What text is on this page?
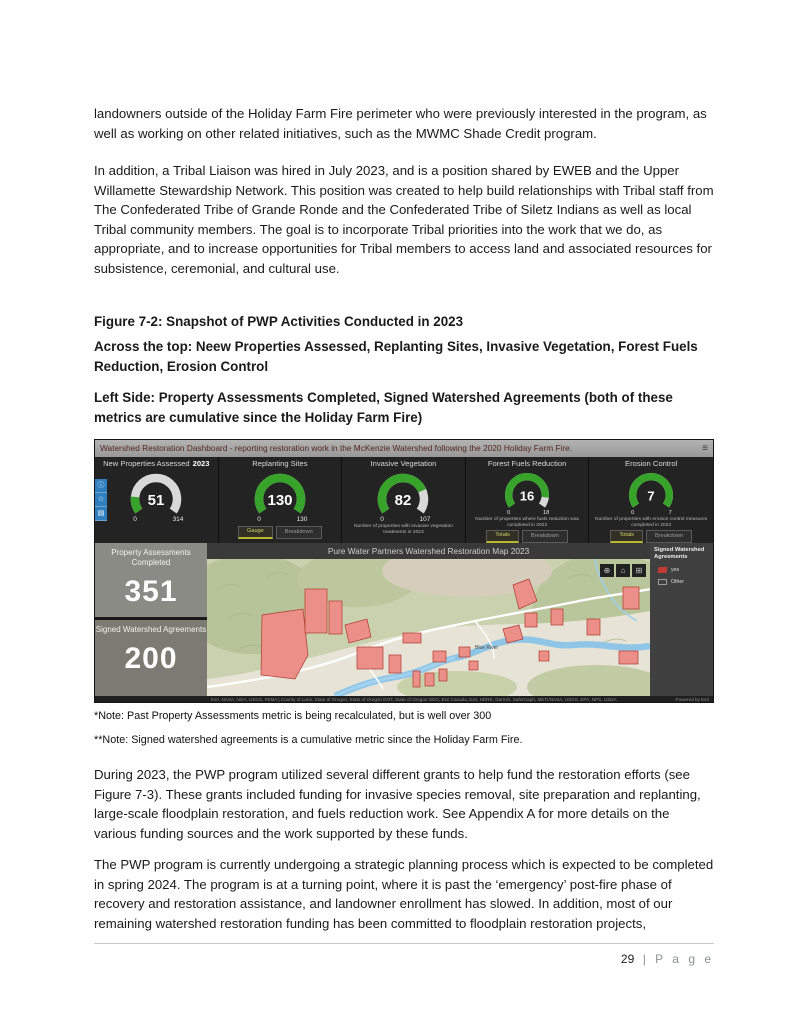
landowners outside of the Holiday Farm Fire perimeter who were previously interested in the program, as well as working on other related initiatives, such as the MWMC Shade Credit program.

In addition, a Tribal Liaison was hired in July 2023, and is a position shared by EWEB and the Upper Willamette Stewardship Network. This position was created to help build relationships with Tribal staff from The Confederated Tribe of Grande Ronde and the Confederated Tribe of Siletz Indians as well as local Tribal community members. The goal is to incorporate Tribal priorities into the work that we do, as appropriate, and to increase opportunities for Tribal members to access land and associated resources for subsistence, ceremonial, and cultural use.

Figure 7-2: Snapshot of PWP Activities Conducted in 2023

Across the top: Neew Properties Assessed, Replanting Sites, Invasive Vegetation, Forest Fuels Reduction, Erosion Control

Left Side: Property Assessments Completed, Signed Watershed Agreements (both of these metrics are cumulative since the Holiday Farm Fire)

Watershed Restoration Dashboard - reporting restoration work in the McKenzie Watershed following the 2020 Holiday Farm Fire.	≡
ⓘ
☆
▤
New Properties Assessed 2023
51
0	314
Replanting Sites
130
0	130
Gauge	Breakdown
Invasive Vegetation
82
0	107
Number of properties with invasive vegetation treatments in 2023
Forest Fuels Reduction
16
0	18
Number of properties where fuels reduction was completed in 2023
Totals	Breakdown
Erosion Control
7
0	7
Number of properties with erosion control measures completed in 2023
Totals	Breakdown
Property Assessments Completed
351
Signed Watershed Agreements
200
Pure Water Partners Watershed Restoration Map 2023
Blue River
⊕	⌂	⊞
Signed Watershed Agreements
yes
Other
Esri, NASA, NGA, USGS, FEMA | County of Lane, State of Oregon, State of Oregon DOT, State of Oregon GEO, Esri Canada, Esri, HERE, Garmin, SafeGraph, METI/NASA, USGS, EPA, NPS, USDA	Powered by Esri

*Note: Past Property Assessments metric is being recalculated, but is well over 300

**Note: Signed watershed agreements is a cumulative metric since the Holiday Farm Fire.

During 2023, the PWP program utilized several different grants to help fund the restoration efforts (see Figure 7-3). These grants included funding for invasive species removal, site preparation and replanting, large-scale floodplain restoration, and fuels reduction work. See Appendix A for more details on the various funding sources and the work supported by these funds.

The PWP program is currently undergoing a strategic planning process which is expected to be completed in spring 2024. The program is at a turning point, where it is past the ‘emergency’ post-fire phase of recovery and restoration assistance, and landowner enrollment has slowed. In addition, most of our remaining watershed restoration funding has been committed to floodplain restoration projects,

29 | P a g e
